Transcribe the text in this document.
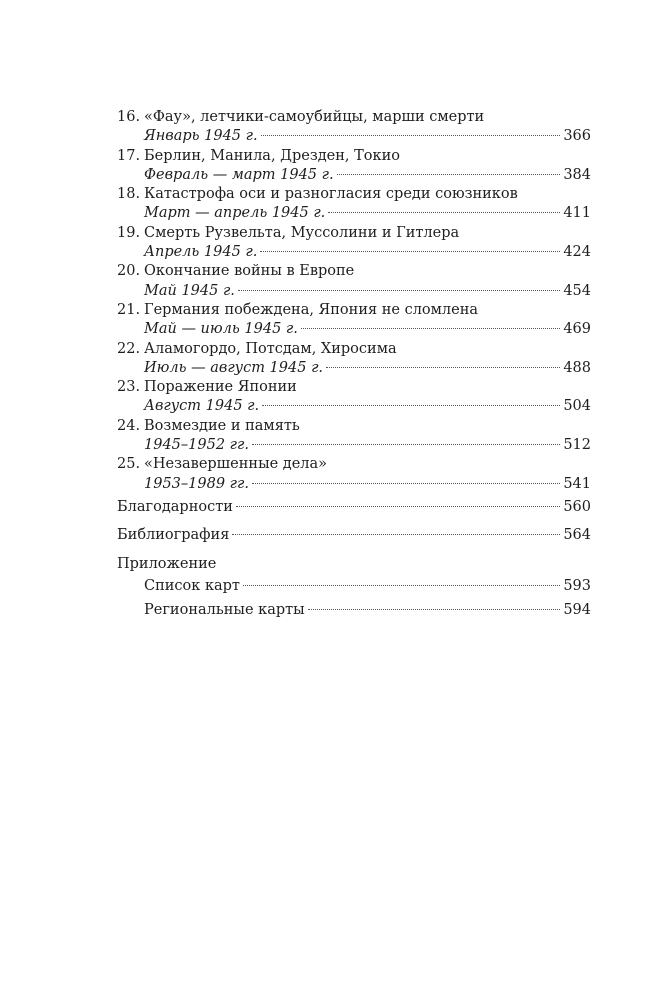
16. «Фау», летчики-самоубийцы, марши смерти
Январь 1945 г.	366
17. Берлин, Манила, Дрезден, Токио
Февраль — март 1945 г.	384
18. Катастрофа оси и разногласия среди союзников
Март — апрель 1945 г.	411
19. Смерть Рузвельта, Муссолини и Гитлера
Апрель 1945 г.	424
20. Окончание войны в Европе
Май 1945 г.	454
21. Германия побеждена, Япония не сломлена
Май — июль 1945 г.	469
22. Аламогордо, Потсдам, Хиросима
Июль — август 1945 г.	488
23. Поражение Японии
Август 1945 г.	504
24. Возмездие и память
1945–1952 гг.	512
25. «Незавершенные дела»
1953–1989 гг.	541
Благодарности	560
Библиография	564
Приложение
Список карт	593
Региональные карты	594
